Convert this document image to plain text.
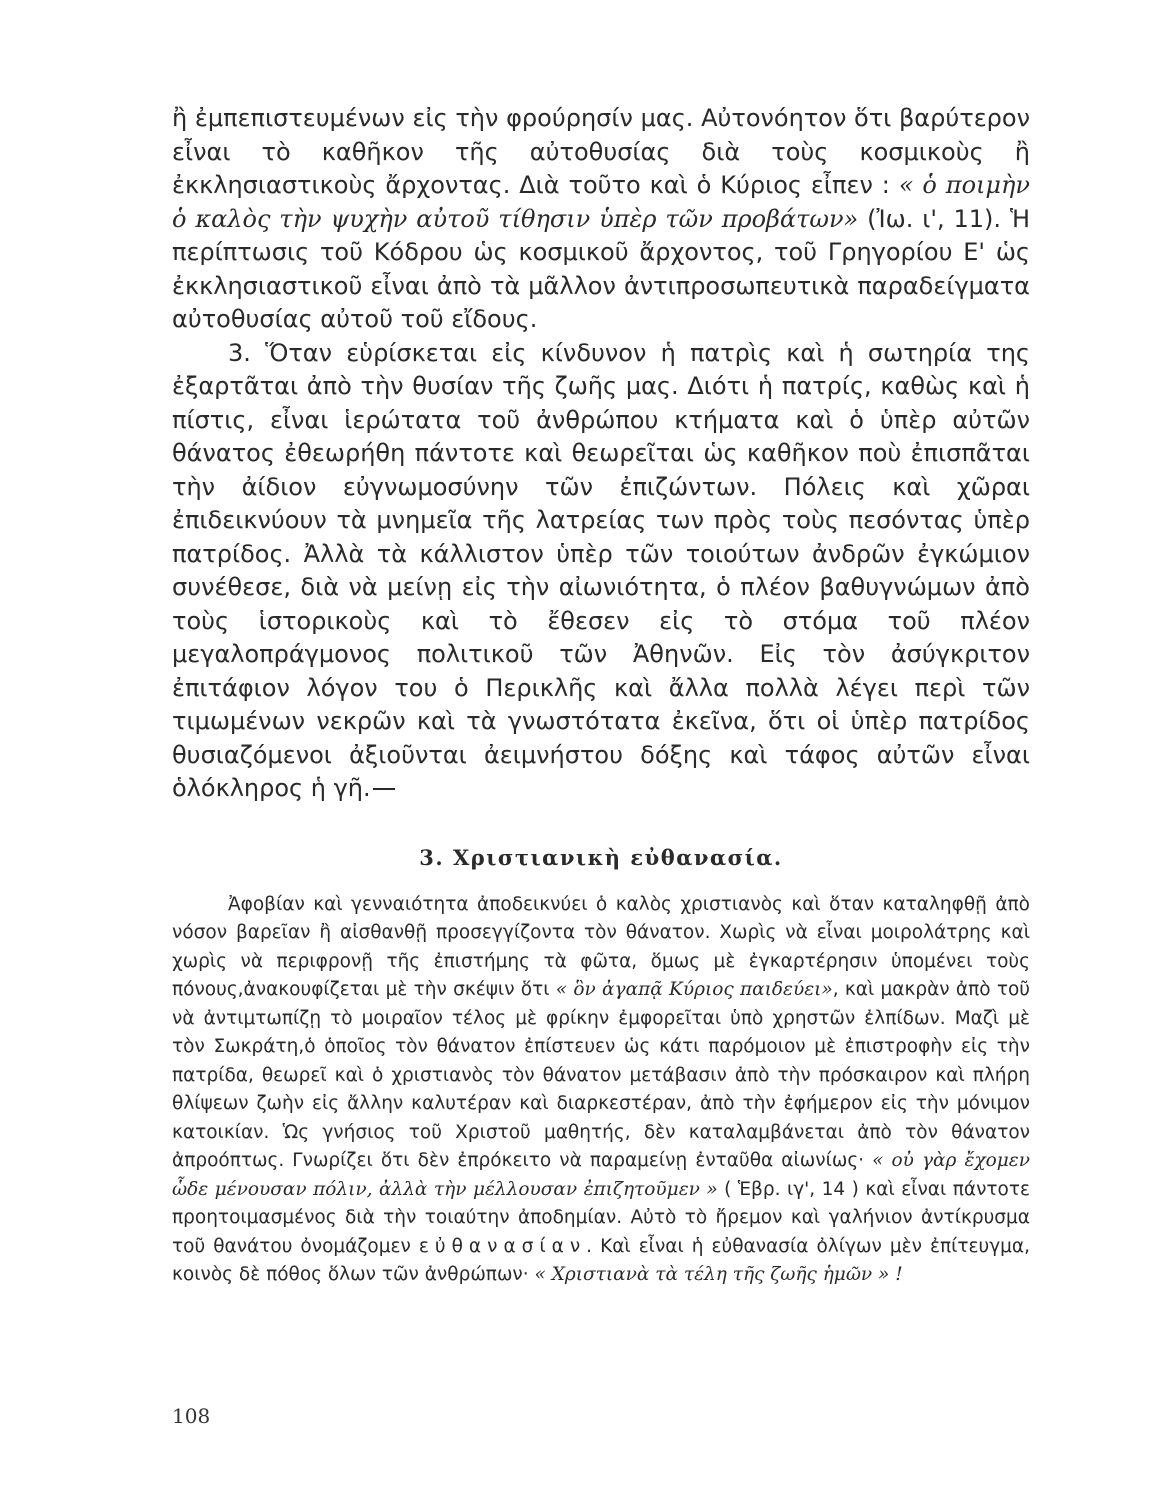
ἢ ἐμπεπιστευμένων εἰς τὴν φρούρησίν μας. Αὐτονόητον ὅτι βαρύτερον εἶναι τὸ καθῆκον τῆς αὐτοθυσίας διὰ τοὺς κοσμικοὺς ἢ ἐκκλησιαστικοὺς ἄρχοντας. Διὰ τοῦτο καὶ ὁ Κύριος εἶπεν : « ὁ ποιμὴν ὁ καλὸς τὴν ψυχὴν αὐτοῦ τίθησιν ὑπὲρ τῶν προβάτων» (Ἰω. ι', 11). Ἡ περίπτωσις τοῦ Κόδρου ὡς κοσμικοῦ ἄρχοντος, τοῦ Γρηγορίου Ε' ὡς ἐκκλησιαστικοῦ εἶναι ἀπὸ τὰ μᾶλλον ἀντιπροσωπευτικὰ παραδείγματα αὐτοθυσίας αὐτοῦ τοῦ εἴδους.

3. Ὅταν εὑρίσκεται εἰς κίνδυνον ἡ πατρὶς καὶ ἡ σωτηρία της ἐξαρτᾶται ἀπὸ τὴν θυσίαν τῆς ζωῆς μας. Διότι ἡ πατρίς, καθὼς καὶ ἡ πίστις, εἶναι ἱερώτατα τοῦ ἀνθρώπου κτήματα καὶ ὁ ὑπὲρ αὐτῶν θάνατος ἐθεωρήθη πάντοτε καὶ θεωρεῖται ὡς καθῆκον ποὺ ἐπισπᾶται τὴν ἀίδιον εὐγνωμοσύνην τῶν ἐπιζώντων. Πόλεις καὶ χῶραι ἐπιδεικνύουν τὰ μνημεῖα τῆς λατρείας των πρὸς τοὺς πεσόντας ὑπὲρ πατρίδος. Ἀλλὰ τὰ κάλλιστον ὑπὲρ τῶν τοιούτων ἀνδρῶν ἐγκώμιον συνέθεσε, διὰ νὰ μείνῃ εἰς τὴν αἰωνιότητα, ὁ πλέον βαθυγνώμων ἀπὸ τοὺς ἱστορικοὺς καὶ τὸ ἔθεσεν εἰς τὸ στόμα τοῦ πλέον μεγαλοπράγμονος πολιτικοῦ τῶν Ἀθηνῶν. Εἰς τὸν ἀσύγκριτον ἐπιτάφιον λόγον του ὁ Περικλῆς καὶ ἄλλα πολλὰ λέγει περὶ τῶν τιμωμένων νεκρῶν καὶ τὰ γνωστότατα ἐκεῖνα, ὅτι οἱ ὑπὲρ πατρίδος θυσιαζόμενοι ἀξιοῦνται ἀειμνήστου δόξης καὶ τάφος αὐτῶν εἶναι ὁλόκληρος ἡ γῆ.

3. Χριστιανικὴ εὐθανασία.

Ἀφοβίαν καὶ γενναιότητα ἀποδεικνύει ὁ καλὸς χριστιανὸς καὶ ὅταν καταληφθῇ ἀπὸ νόσον βαρεῖαν ἢ αἰσθανθῇ προσεγγίζοντα τὸν θάνατον. Χωρὶς νὰ εἶναι μοιρολάτρης καὶ χωρὶς νὰ περιφρονῇ τῆς ἐπιστήμης τὰ φῶτα, ὅμως μὲ ἐγκαρτέρησιν ὑπομένει τοὺς πόνους,ἀνακουφίζεται μὲ τὴν σκέψιν ὅτι « ὃν ἀγαπᾷ Κύριος παιδεύει», καὶ μακρὰν ἀπὸ τοῦ νὰ ἀντιμτωπίζῃ τὸ μοιραῖον τέλος μὲ φρίκην ἐμφορεῖται ὑπὸ χρηστῶν ἐλπίδων. Μαζὶ μὲ τὸν Σωκράτη,ὁ ὁποῖος τὸν θάνατον ἐπίστευεν ὡς κάτι παρόμοιον μὲ ἐπιστροφὴν εἰς τὴν πατρίδα, θεωρεῖ καὶ ὁ χριστιανὸς τὸν θάνατον μετάβασιν ἀπὸ τὴν πρόσκαιρον καὶ πλήρη θλίψεων ζωὴν εἰς ἄλλην καλυτέραν καὶ διαρκεστέραν, ἀπὸ τὴν ἐφήμερον εἰς τὴν μόνιμον κατοικίαν. Ὡς γνήσιος τοῦ Χριστοῦ μαθητής, δὲν καταλαμβάνεται ἀπὸ τὸν θάνατον ἀπροόπτως. Γνωρίζει ὅτι δὲν ἐπρόκειτο νὰ παραμείνῃ ἐνταῦθα αἰωνίως· « οὐ γὰρ ἔχομεν ὧδε μένουσαν πόλιν, ἀλλὰ τὴν μέλλουσαν ἐπιζητοῦμεν » ( Ἑβρ. ιγ', 14 ) καὶ εἶναι πάντοτε προητοιμασμένος διὰ τὴν τοιαύτην ἀποδημίαν. Αὐτὸ τὸ ἤρεμον καὶ γαλήνιον ἀντίκρυσμα τοῦ θανάτου ὀνομάζομεν εὐθανασίαν. Καὶ εἶναι ἡ εὐθανασία ὀλίγων μὲν ἐπίτευγμα, κοινὸς δὲ πόθος ὅλων τῶν ἀνθρώπων· « Χριστιανὰ τὰ τέλη τῆς ζωῆς ἡμῶν » !

108
